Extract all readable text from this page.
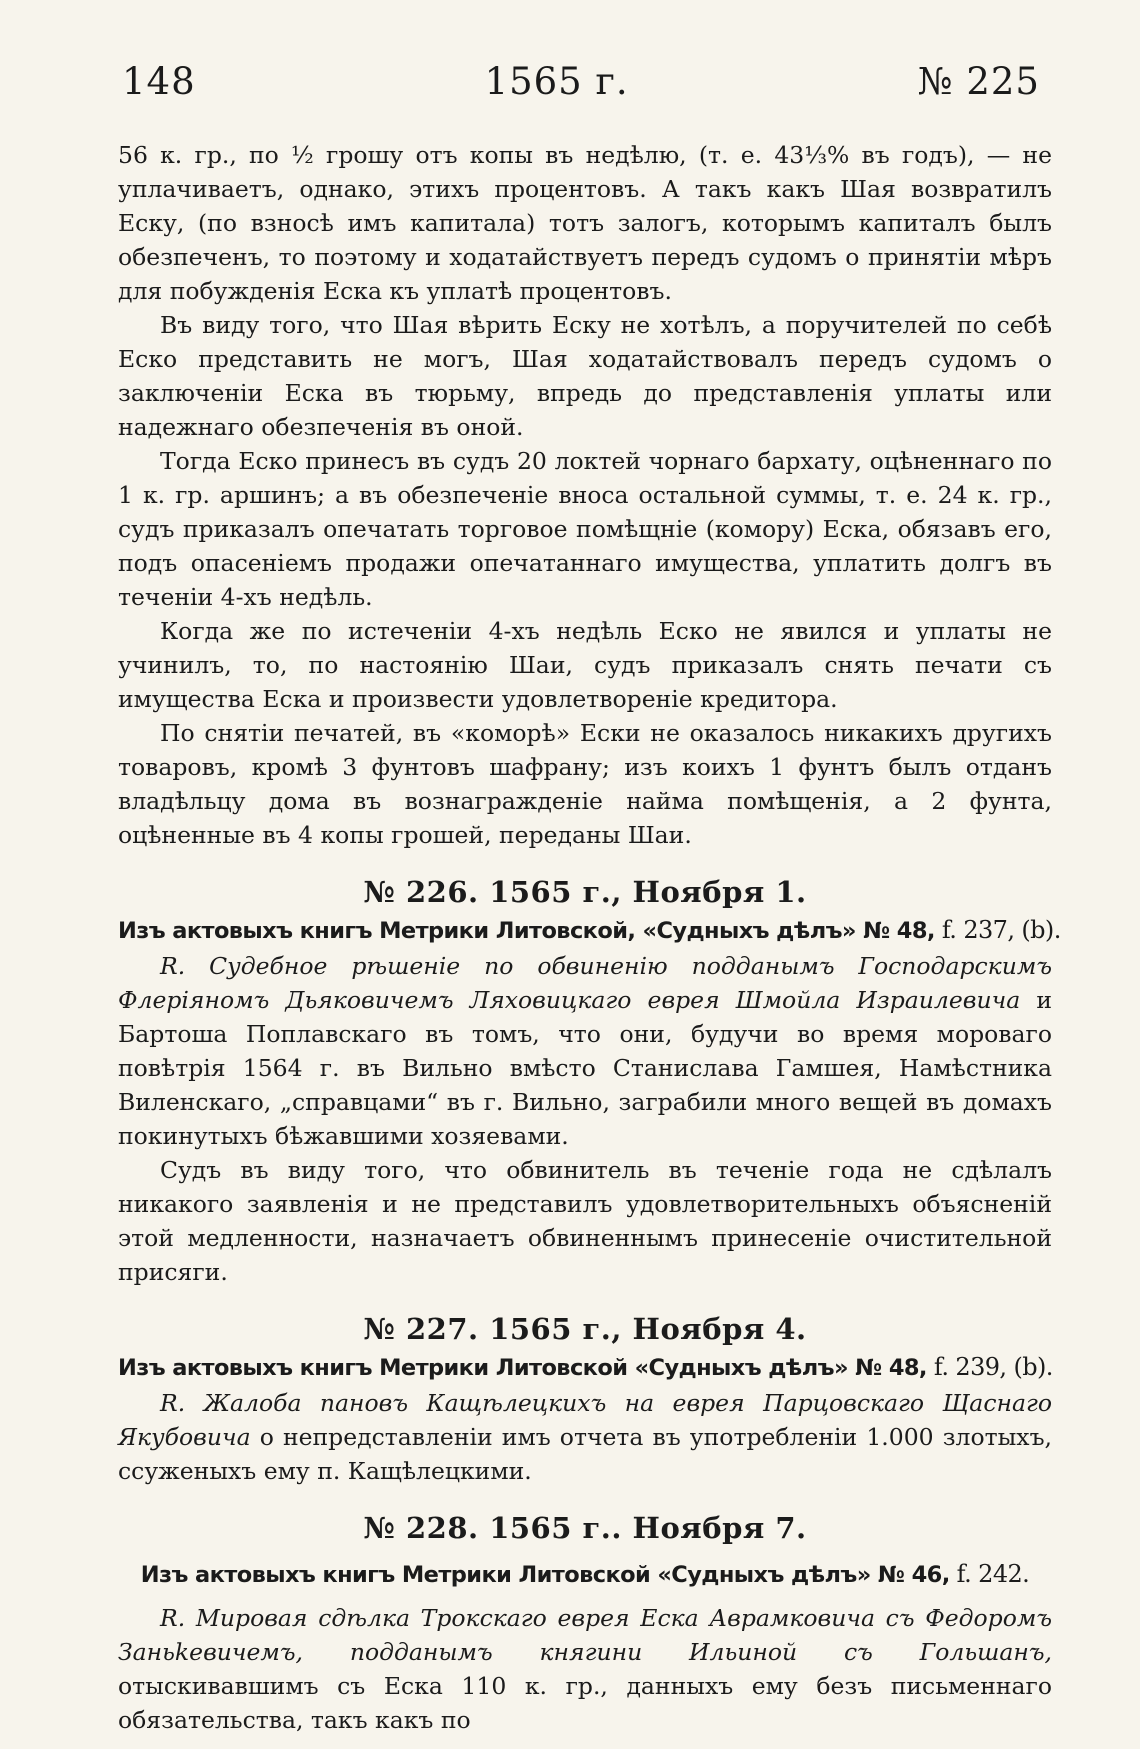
148	1565 г.	№ 225

56 к. гр., по ½ грошу отъ копы въ недѣлю, (т. е. 43⅓% въ годъ), — не уплачиваетъ, однако, этихъ процентовъ. А такъ какъ Шая возвратилъ Еску, (по взносѣ имъ капитала) тотъ залогъ, которымъ капиталъ былъ обезпеченъ, то поэтому и ходатайствуетъ передъ судомъ о принятіи мѣръ для побужденія Еска къ уплатѣ процентовъ.

Въ виду того, что Шая вѣрить Еску не хотѣлъ, а поручителей по себѣ Еско представить не могъ, Шая ходатайствовалъ передъ судомъ о заключеніи Еска въ тюрьму, впредь до представленія уплаты или надежнаго обезпеченія въ оной.

Тогда Еско принесъ въ судъ 20 локтей чорнаго бархату, оцѣненнаго по 1 к. гр. аршинъ; а въ обезпеченіе вноса остальной суммы, т. е. 24 к. гр., судъ приказалъ опечатать торговое помѣщніе (комору) Еска, обязавъ его, подъ опасеніемъ продажи опечатаннаго имущества, уплатить долгъ въ теченіи 4-хъ недѣль.

Когда же по истеченіи 4-хъ недѣль Еско не явился и уплаты не учинилъ, то, по настоянію Шаи, судъ приказалъ снять печати съ имущества Еска и произвести удовлетвореніе кредитора.

По снятіи печатей, въ «коморѣ» Ески не оказалось никакихъ другихъ товаровъ, кромѣ 3 фунтовъ шафрану; изъ коихъ 1 фунтъ былъ отданъ владѣльцу дома въ вознагражденіе найма помѣщенія, а 2 фунта, оцѣненные въ 4 копы грошей, переданы Шаи.

№ 226. 1565 г., Ноября 1.
Изъ актовыхъ книгъ Метрики Литовской, «Судныхъ дѣлъ» № 48, f. 237, (b).

R. Судебное рѣшеніе по обвиненію подданымъ Господарскимъ Флеріяномъ Дьяковичемъ Ляховицкаго еврея Шмойла Израилевича и Бартоша Поплавскаго въ томъ, что они, будучи во время мороваго повѣтрія 1564 г. въ Вильно вмѣсто Станислава Гамшея, Намѣстника Виленскаго, „справцами“ въ г. Вильно, заграбили много вещей въ домахъ покинутыхъ бѣжавшими хозяевами.

Судъ въ виду того, что обвинитель въ теченіе года не сдѣлалъ никакого заявленія и не представилъ удовлетворительныхъ объясненій этой медленности, назначаетъ обвиненнымъ принесеніе очистительной присяги.

№ 227. 1565 г., Ноября 4.
Изъ актовыхъ книгъ Метрики Литовской «Судныхъ дѣлъ» № 48, f. 239, (b).

R. Жалоба пановъ Кащѣлецкихъ на еврея Парцовскаго Щаснаго Якубовича о непредставленіи имъ отчета въ употребленіи 1.000 злотыхъ, ссуженыхъ ему п. Кащѣлецкими.

№ 228. 1565 г.. Ноября 7.
Изъ актовыхъ книгъ Метрики Литовской «Судныхъ дѣлъ» № 46, f. 242.

R. Мировая сдѣлка Трокскаго еврея Еска Аврамковича съ Федоромъ Заньkевичемъ, подданымъ княгини Ильиной съ Гольшанъ, отыскивавшимъ съ Еска 110 к. гр., данныхъ ему безъ письменнаго обязательства, такъ какъ по
